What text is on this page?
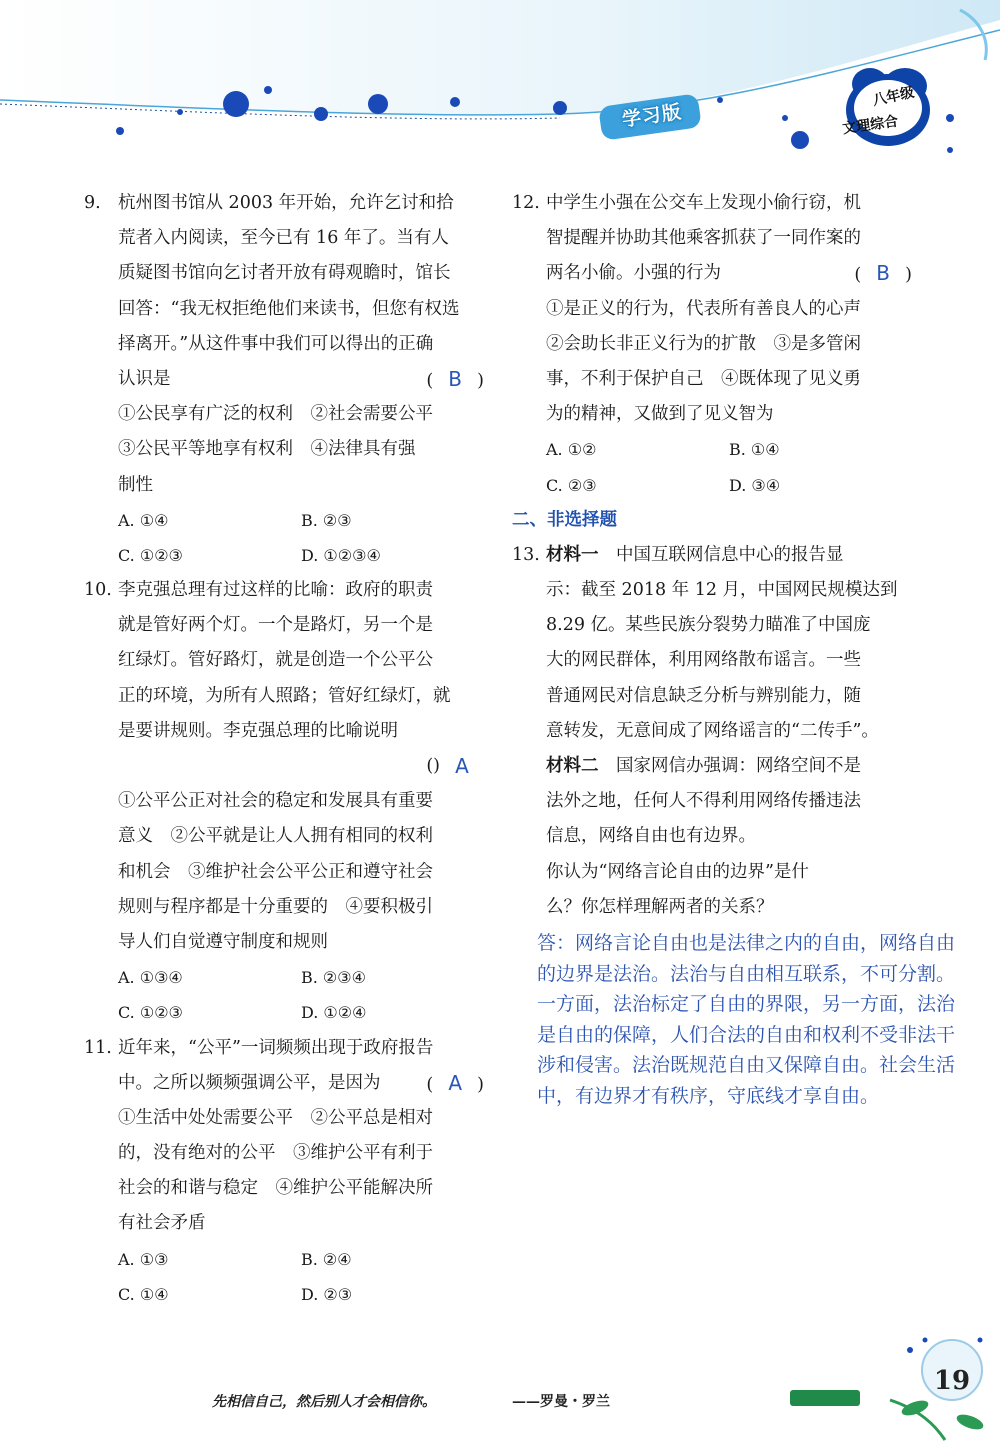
学习版
八年级
文理综合
9. 杭州图书馆从 2003 年开始，允许乞讨和拾
荒者入内阅读，至今已有 16 年了。当有人
质疑图书馆向乞讨者开放有碍观瞻时，馆长
回答：“我无权拒绝他们来读书，但您有权选
择离开。”从这件事中我们可以得出的正确
认识是	( B )
①公民享有广泛的权利　②社会需要公平
③公民平等地享有权利　④法律具有强
制性
A. ①④	B. ②③
C. ①②③	D. ①②③④
10. 李克强总理有过这样的比喻：政府的职责
就是管好两个灯。一个是路灯，另一个是
红绿灯。管好路灯，就是创造一个公平公
正的环境，为所有人照路；管好红绿灯，就
是要讲规则。李克强总理的比喻说明
(	A
)
①公平公正对社会的稳定和发展具有重要
意义　②公平就是让人人拥有相同的权利
和机会　③维护社会公平公正和遵守社会
规则与程序都是十分重要的　④要积极引
导人们自觉遵守制度和规则
A. ①③④	B. ②③④
C. ①②③	D. ①②④
11. 近年来，“公平”一词频频出现于政府报告
中。之所以频频强调公平，是因为	( A )
①生活中处处需要公平　②公平总是相对
的，没有绝对的公平　③维护公平有利于
社会的和谐与稳定　④维护公平能解决所
有社会矛盾
A. ①③	B. ②④
C. ①④	D. ②③
12. 中学生小强在公交车上发现小偷行窃，机
智提醒并协助其他乘客抓获了一同作案的
两名小偷。小强的行为	( B )
①是正义的行为，代表所有善良人的心声
②会助长非正义行为的扩散　③是多管闲
事，不利于保护自己　④既体现了见义勇
为的精神，又做到了见义智为
A. ①②	B. ①④
C. ②③	D. ③④
二、非选择题
13. 材料一　中国互联网信息中心的报告显
示：截至 2018 年 12 月，中国网民规模达到
8.29 亿。某些民族分裂势力瞄准了中国庞
大的网民群体，利用网络散布谣言。一些
普通网民对信息缺乏分析与辨别能力，随
意转发，无意间成了网络谣言的“二传手”。
材料二　国家网信办强调：网络空间不是
法外之地，任何人不得利用网络传播违法
信息，网络自由也有边界。
你认为“网络言论自由的边界”是什
么？你怎样理解两者的关系？
答：网络言论自由也是法律之内的自由，网络自由
的边界是法治。法治与自由相互联系，不可分割。
一方面，法治标定了自由的界限，另一方面，法治
是自由的保障，人们合法的自由和权利不受非法干
涉和侵害。法治既规范自由又保障自由。社会生活
中，有边界才有秩序，守底线才享自由。
先相信自己，然后别人才会相信你。	——罗曼・罗兰
19
